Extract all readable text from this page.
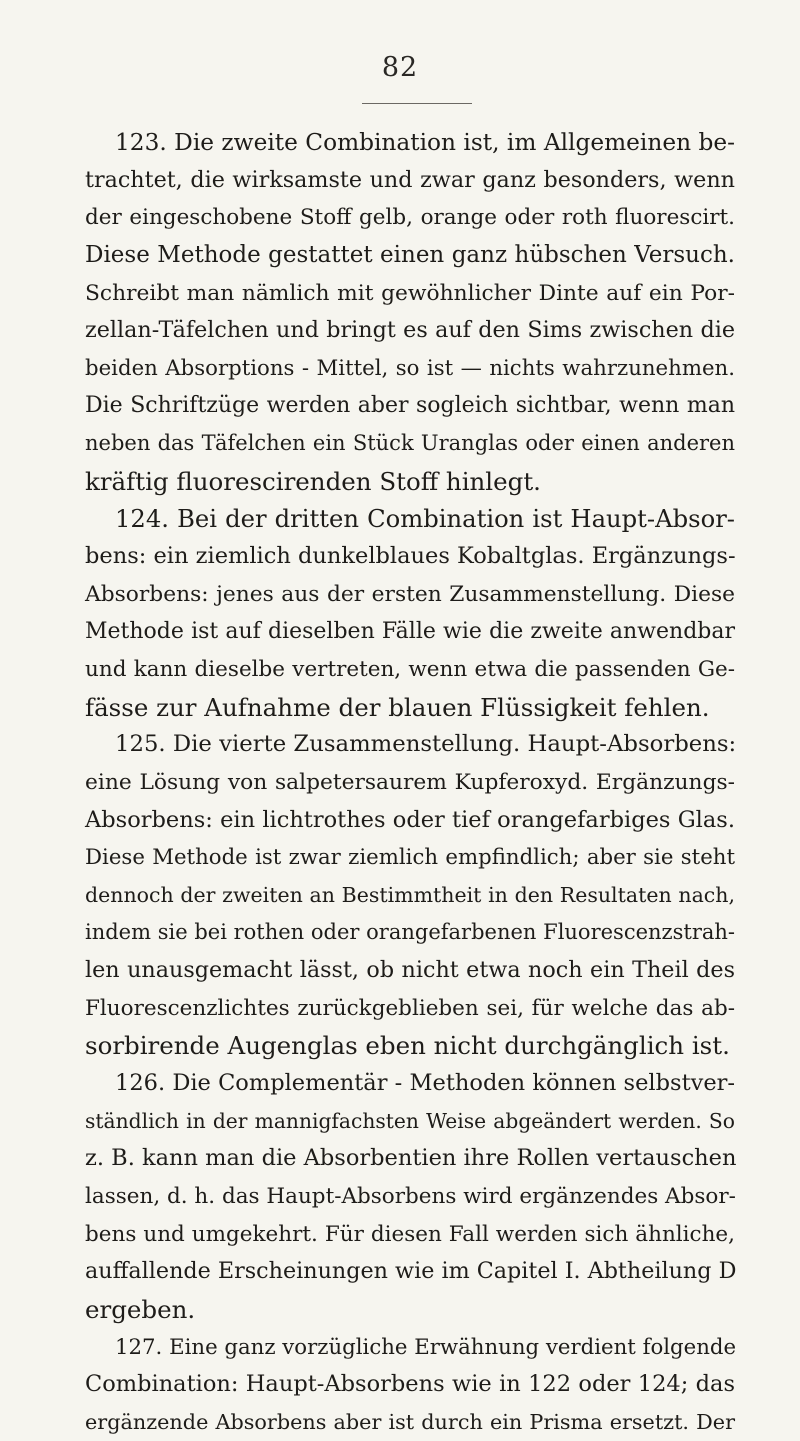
82
123. Die zweite Combination ist, im Allgemeinen be-
trachtet, die wirksamste und zwar ganz besonders, wenn
der eingeschobene Stoff gelb, orange oder roth fluorescirt.
Diese Methode gestattet einen ganz hübschen Versuch.
Schreibt man nämlich mit gewöhnlicher Dinte auf ein Por-
zellan-Täfelchen und bringt es auf den Sims zwischen die
beiden Absorptions - Mittel, so ist — nichts wahrzunehmen.
Die Schriftzüge werden aber sogleich sichtbar, wenn man
neben das Täfelchen ein Stück Uranglas oder einen anderen
kräftig fluorescirenden Stoff hinlegt.
124. Bei der dritten Combination ist Haupt-Absor-
bens: ein ziemlich dunkelblaues Kobaltglas. Ergänzungs-
Absorbens: jenes aus der ersten Zusammenstellung. Diese
Methode ist auf dieselben Fälle wie die zweite anwendbar
und kann dieselbe vertreten, wenn etwa die passenden Ge-
fässe zur Aufnahme der blauen Flüssigkeit fehlen.
125. Die vierte Zusammenstellung. Haupt-Absorbens:
eine Lösung von salpetersaurem Kupferoxyd. Ergänzungs-
Absorbens: ein lichtrothes oder tief orangefarbiges Glas.
Diese Methode ist zwar ziemlich empfindlich; aber sie steht
dennoch der zweiten an Bestimmtheit in den Resultaten nach,
indem sie bei rothen oder orangefarbenen Fluorescenzstrah-
len unausgemacht lässt, ob nicht etwa noch ein Theil des
Fluorescenzlichtes zurückgeblieben sei, für welche das ab-
sorbirende Augenglas eben nicht durchgänglich ist.
126. Die Complementär - Methoden können selbstver-
ständlich in der mannigfachsten Weise abgeändert werden. So
z. B. kann man die Absorbentien ihre Rollen vertauschen
lassen, d. h. das Haupt-Absorbens wird ergänzendes Absor-
bens und umgekehrt. Für diesen Fall werden sich ähnliche,
auffallende Erscheinungen wie im Capitel I. Abtheilung D
ergeben.
127. Eine ganz vorzügliche Erwähnung verdient folgende
Combination: Haupt-Absorbens wie in 122 oder 124; das
ergänzende Absorbens aber ist durch ein Prisma ersetzt. Der
